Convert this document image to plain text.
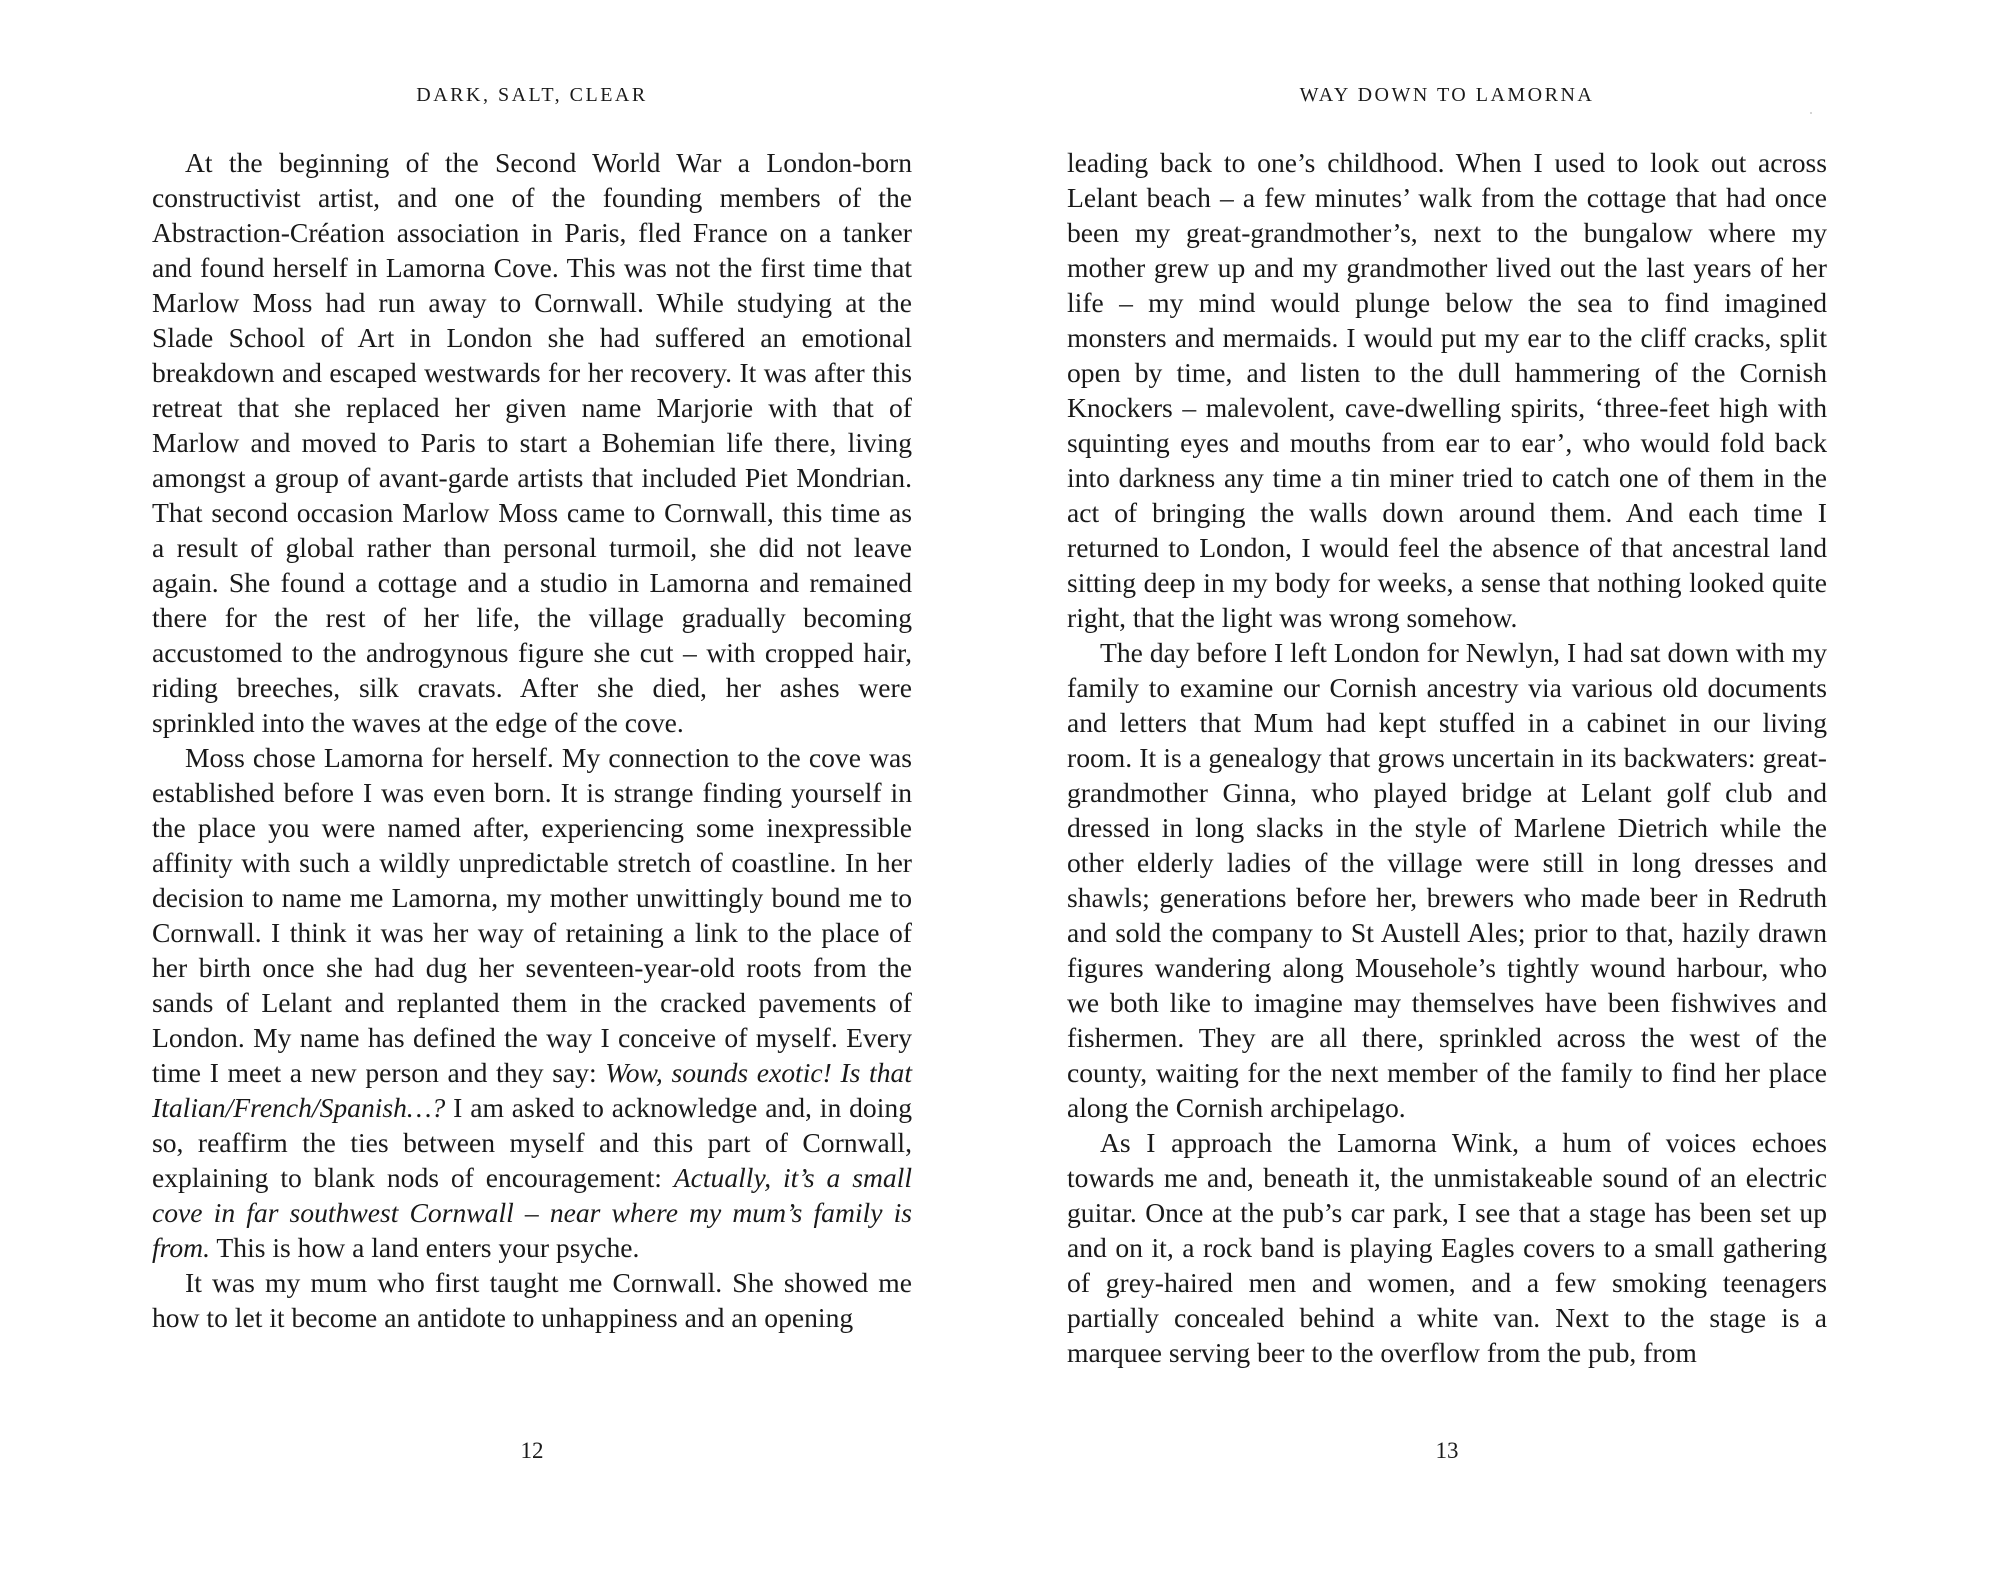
DARK, SALT, CLEAR

At the beginning of the Second World War a London-born constructivist artist, and one of the founding members of the Abstraction-Création association in Paris, fled France on a tanker and found herself in Lamorna Cove. This was not the first time that Marlow Moss had run away to Cornwall. While studying at the Slade School of Art in London she had suffered an emotional breakdown and escaped westwards for her recovery. It was after this retreat that she replaced her given name Marjorie with that of Marlow and moved to Paris to start a Bohemian life there, living amongst a group of avant-garde artists that included Piet Mondrian. That second occasion Marlow Moss came to Cornwall, this time as a result of global rather than personal turmoil, she did not leave again. She found a cottage and a studio in Lamorna and remained there for the rest of her life, the village gradually becoming accustomed to the androgynous figure she cut – with cropped hair, riding breeches, silk cravats. After she died, her ashes were sprinkled into the waves at the edge of the cove.

Moss chose Lamorna for herself. My connection to the cove was established before I was even born. It is strange finding yourself in the place you were named after, experiencing some inexpressible affinity with such a wildly unpredictable stretch of coastline. In her decision to name me Lamorna, my mother unwittingly bound me to Cornwall. I think it was her way of retaining a link to the place of her birth once she had dug her seventeen-year-old roots from the sands of Lelant and replanted them in the cracked pavements of London. My name has defined the way I conceive of myself. Every time I meet a new person and they say: Wow, sounds exotic! Is that Italian/French/Spanish…? I am asked to acknowledge and, in doing so, reaffirm the ties between myself and this part of Cornwall, explaining to blank nods of encouragement: Actually, it’s a small cove in far southwest Cornwall – near where my mum’s family is from. This is how a land enters your psyche.

It was my mum who first taught me Cornwall. She showed me how to let it become an antidote to unhappiness and an opening

12
WAY DOWN TO LAMORNA

leading back to one’s childhood. When I used to look out across Lelant beach – a few minutes’ walk from the cottage that had once been my great-grandmother’s, next to the bungalow where my mother grew up and my grandmother lived out the last years of her life – my mind would plunge below the sea to find imagined monsters and mermaids. I would put my ear to the cliff cracks, split open by time, and listen to the dull hammering of the Cornish Knockers – malevolent, cave-dwelling spirits, ‘three-feet high with squinting eyes and mouths from ear to ear’, who would fold back into darkness any time a tin miner tried to catch one of them in the act of bringing the walls down around them. And each time I returned to London, I would feel the absence of that ancestral land sitting deep in my body for weeks, a sense that nothing looked quite right, that the light was wrong somehow.

The day before I left London for Newlyn, I had sat down with my family to examine our Cornish ancestry via various old documents and letters that Mum had kept stuffed in a cabinet in our living room. It is a genealogy that grows uncertain in its backwaters: great-grandmother Ginna, who played bridge at Lelant golf club and dressed in long slacks in the style of Marlene Dietrich while the other elderly ladies of the village were still in long dresses and shawls; generations before her, brewers who made beer in Redruth and sold the company to St Austell Ales; prior to that, hazily drawn figures wandering along Mousehole’s tightly wound harbour, who we both like to imagine may themselves have been fishwives and fishermen. They are all there, sprinkled across the west of the county, waiting for the next member of the family to find her place along the Cornish archipelago.

As I approach the Lamorna Wink, a hum of voices echoes towards me and, beneath it, the unmistakeable sound of an electric guitar. Once at the pub’s car park, I see that a stage has been set up and on it, a rock band is playing Eagles covers to a small gathering of grey-haired men and women, and a few smoking teenagers partially concealed behind a white van. Next to the stage is a marquee serving beer to the overflow from the pub, from

13
